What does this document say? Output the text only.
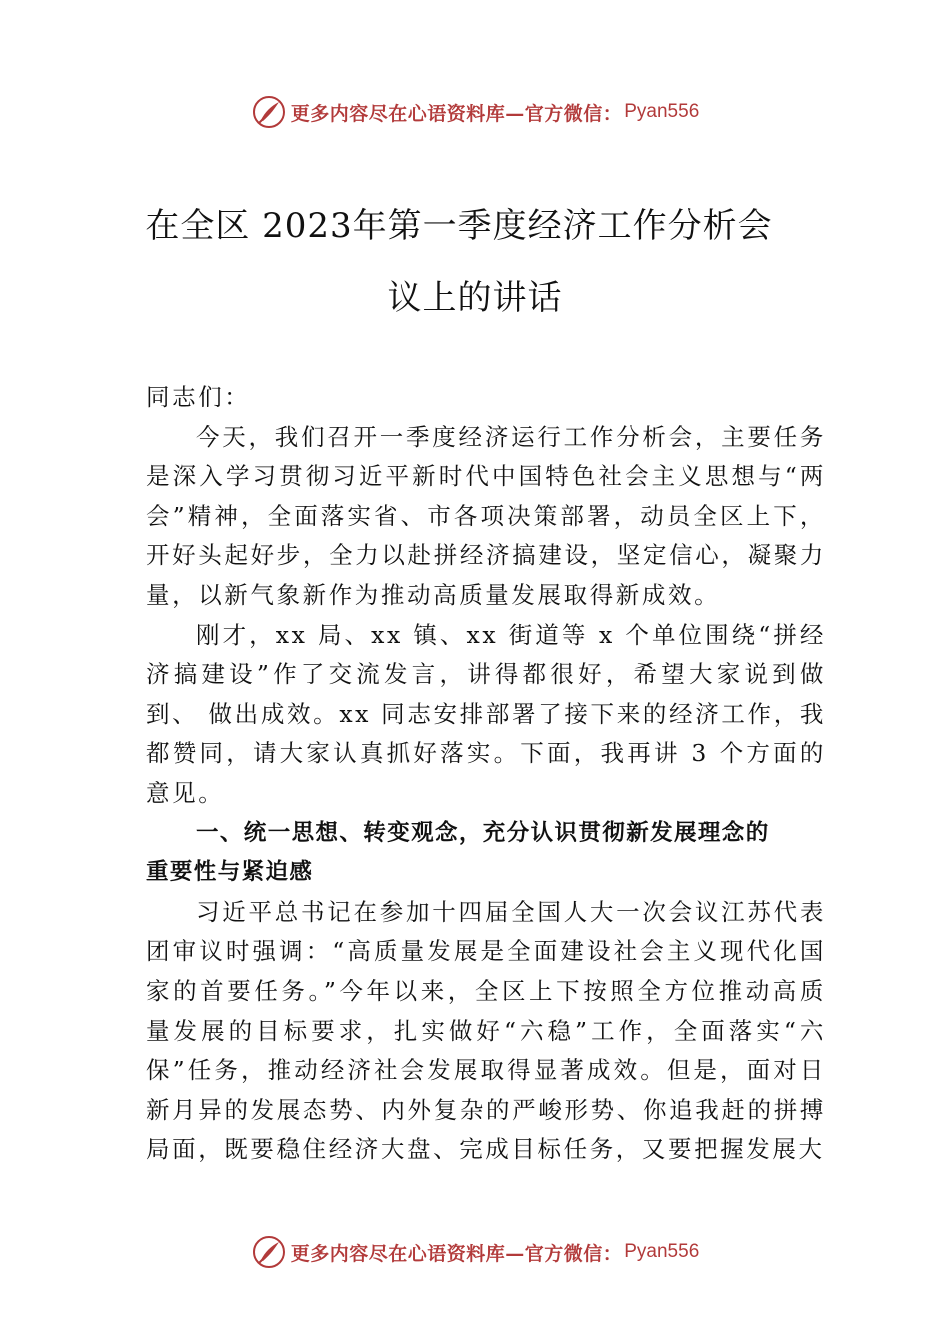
更多内容尽在心语资料库—官方微信： Pyan556
在全区 2023年第一季度经济工作分析会
议上的讲话

同志们：

今天，我们召开一季度经济运行工作分析会，主要任务是深入学习贯彻习近平新时代中国特色社会主义思想与“两会”精神，全面落实省、市各项决策部署，动员全区上下， 开好头起好步，全力以赴拼经济搞建设，坚定信心，凝聚力量，以新气象新作为推动高质量发展取得新成效。

刚才，xx 局、xx 镇、xx 街道等 x 个单位围绕“拼经济搞建设”作了交流发言，讲得都很好，希望大家说到做到、 做出成效。xx 同志安排部署了接下来的经济工作，我都赞同，请大家认真抓好落实。下面，我再讲 3 个方面的意见。

一、统一思想、转变观念，充分认识贯彻新发展理念的重要性与紧迫感

习近平总书记在参加十四届全国人大一次会议江苏代表团审议时强调：“高质量发展是全面建设社会主义现代化国家的首要任务。”今年以来，全区上下按照全方位推动高质量发展的目标要求，扎实做好“六稳”工作，全面落实“六保”任务，推动经济社会发展取得显著成效。但是，面对日新月异的发展态势、内外复杂的严峻形势、你追我赶的拼搏局面，既要稳住经济大盘、完成目标任务，又要把握发展大

更多内容尽在心语资料库—官方微信： Pyan556
